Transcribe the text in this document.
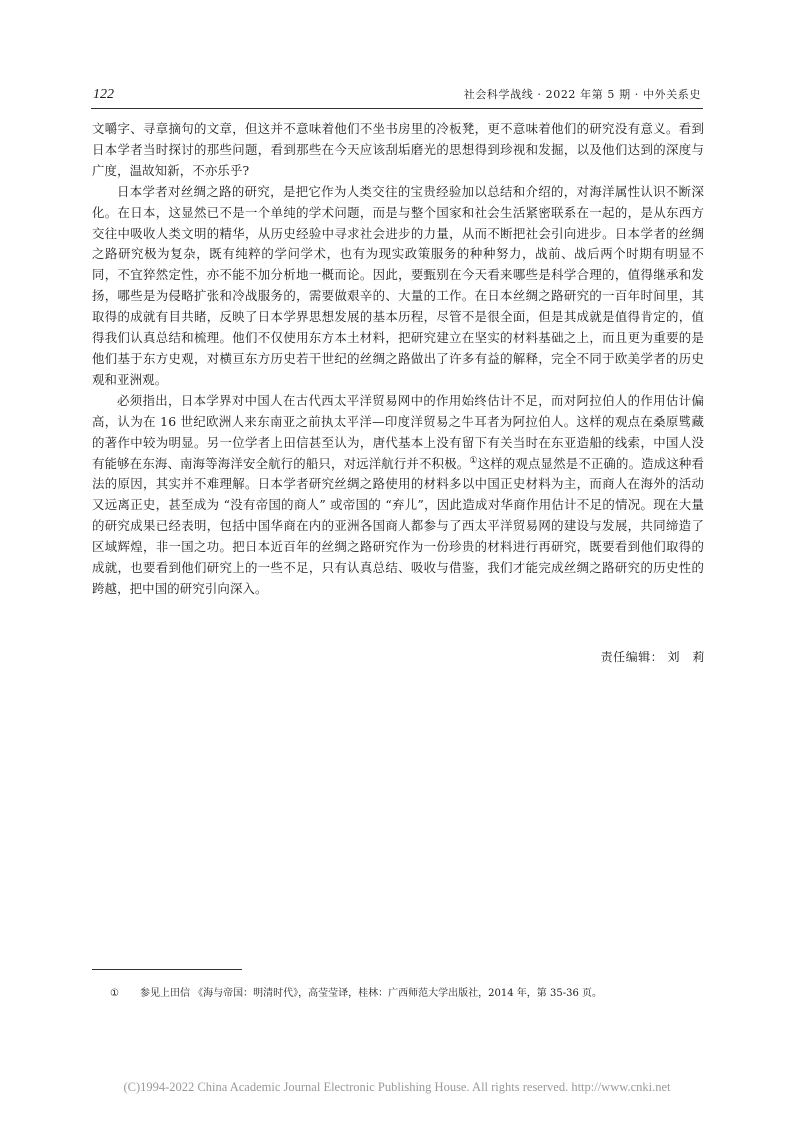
122	社会科学战线 · 2022 年第 5 期 · 中外关系史

文嚼字、寻章摘句的文章，但这并不意味着他们不坐书房里的冷板凳，更不意味着他们的研究没有意义。看到日本学者当时探讨的那些问题，看到那些在今天应该刮垢磨光的思想得到珍视和发掘，以及他们达到的深度与广度，温故知新，不亦乐乎?

日本学者对丝绸之路的研究，是把它作为人类交往的宝贵经验加以总结和介绍的，对海洋属性认识不断深化。在日本，这显然已不是一个单纯的学术问题，而是与整个国家和社会生活紧密联系在一起的，是从东西方交往中吸收人类文明的精华，从历史经验中寻求社会进步的力量，从而不断把社会引向进步。日本学者的丝绸之路研究极为复杂，既有纯粹的学问学术，也有为现实政策服务的种种努力，战前、战后两个时期有明显不同，不宜猝然定性，亦不能不加分析地一概而论。因此，要甄别在今天看来哪些是科学合理的，值得继承和发扬，哪些是为侵略扩张和冷战服务的，需要做艰辛的、大量的工作。在日本丝绸之路研究的一百年时间里，其取得的成就有目共睹，反映了日本学界思想发展的基本历程，尽管不是很全面，但是其成就是值得肯定的，值得我们认真总结和梳理。他们不仅使用东方本土材料，把研究建立在坚实的材料基础之上，而且更为重要的是他们基于东方史观，对横亘东方历史若干世纪的丝绸之路做出了许多有益的解释，完全不同于欧美学者的历史观和亚洲观。

必须指出，日本学界对中国人在古代西太平洋贸易网中的作用始终估计不足，而对阿拉伯人的作用估计偏高，认为在 16 世纪欧洲人来东南亚之前执太平洋—印度洋贸易之牛耳者为阿拉伯人。这样的观点在桑原骘藏的著作中较为明显。另一位学者上田信甚至认为，唐代基本上没有留下有关当时在东亚造船的线索，中国人没有能够在东海、南海等海洋安全航行的船只，对远洋航行并不积极。①这样的观点显然是不正确的。造成这种看法的原因，其实并不难理解。日本学者研究丝绸之路使用的材料多以中国正史材料为主，而商人在海外的活动又远离正史，甚至成为 “没有帝国的商人” 或帝国的 “弃儿”，因此造成对华商作用估计不足的情况。现在大量的研究成果已经表明，包括中国华商在内的亚洲各国商人都参与了西太平洋贸易网的建设与发展，共同缔造了区域辉煌，非一国之功。把日本近百年的丝绸之路研究作为一份珍贵的材料进行再研究，既要看到他们取得的成就，也要看到他们研究上的一些不足，只有认真总结、吸收与借鉴，我们才能完成丝绸之路研究的历史性的跨越，把中国的研究引向深入。

责任编辑： 刘　莉
① 参见上田信 《海与帝国：明清时代》，高莹莹译，桂林：广西师范大学出版社，2014 年，第 35-36 页。
(C)1994-2022 China Academic Journal Electronic Publishing House. All rights reserved. http://www.cnki.net
